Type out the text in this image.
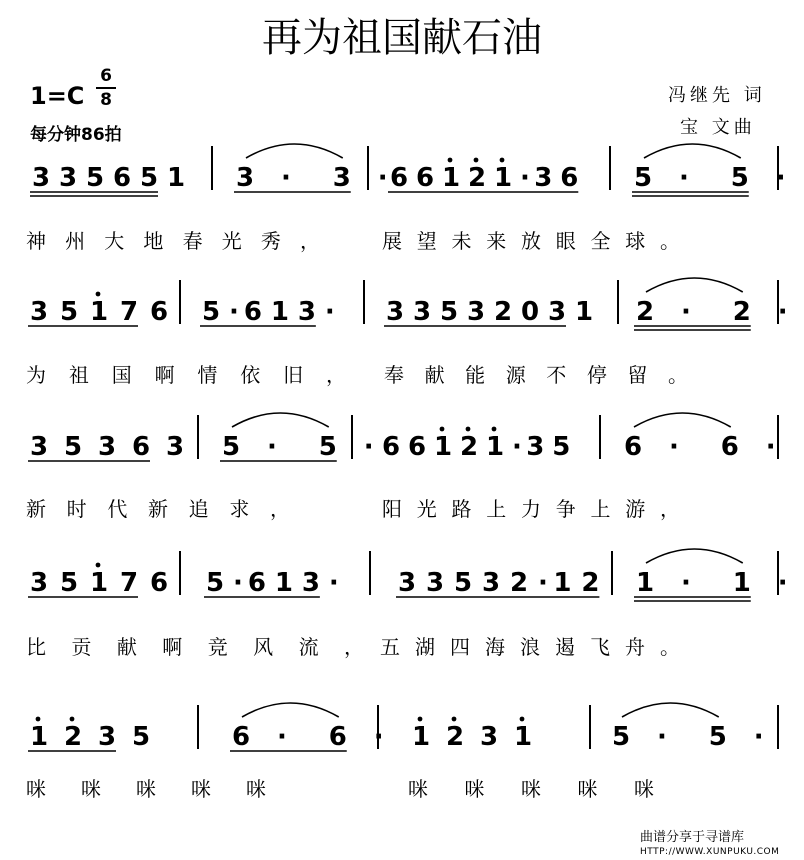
再为祖国献石油
1=C
6
8
每分钟86拍
冯继先 词
宝 文曲
3 3 5 6 5 1 3 · 3 · 6 6 1 2 1 · 3 6 5 · 5 ·
神 州 大 地 春 光 秀 ，	展 望 未 来 放 眼 全 球 。
3 5 1 7 6 5 · 6 1 3 · 3 3 5 3 2 0 3 1 2 · 2 ·
为 祖 国 啊 情 依 旧 ， 奉 献 能 源 不 停 留 。
3 5 3 6 3 5 · 5 · 6 6 1 2 1 · 3 5 6 · 6 ·
新 时 代 新 追 求 ，	阳 光 路 上 力 争 上 游 ，
3 5 1 7 6 5 · 6 1 3 · 3 3 5 3 2 · 1 2 1 · 1 ·
比 贡 献 啊 竞 风 流 ， 五 湖 四 海 浪 遏 飞 舟 。
1 2 3 5	6 · 6 · 1 2 3 1	5 · 5 ·
咪 咪 咪 咪 咪	咪 咪 咪 咪 咪
曲谱分享于寻谱库
HTTP://WWW.XUNPUKU.COM
